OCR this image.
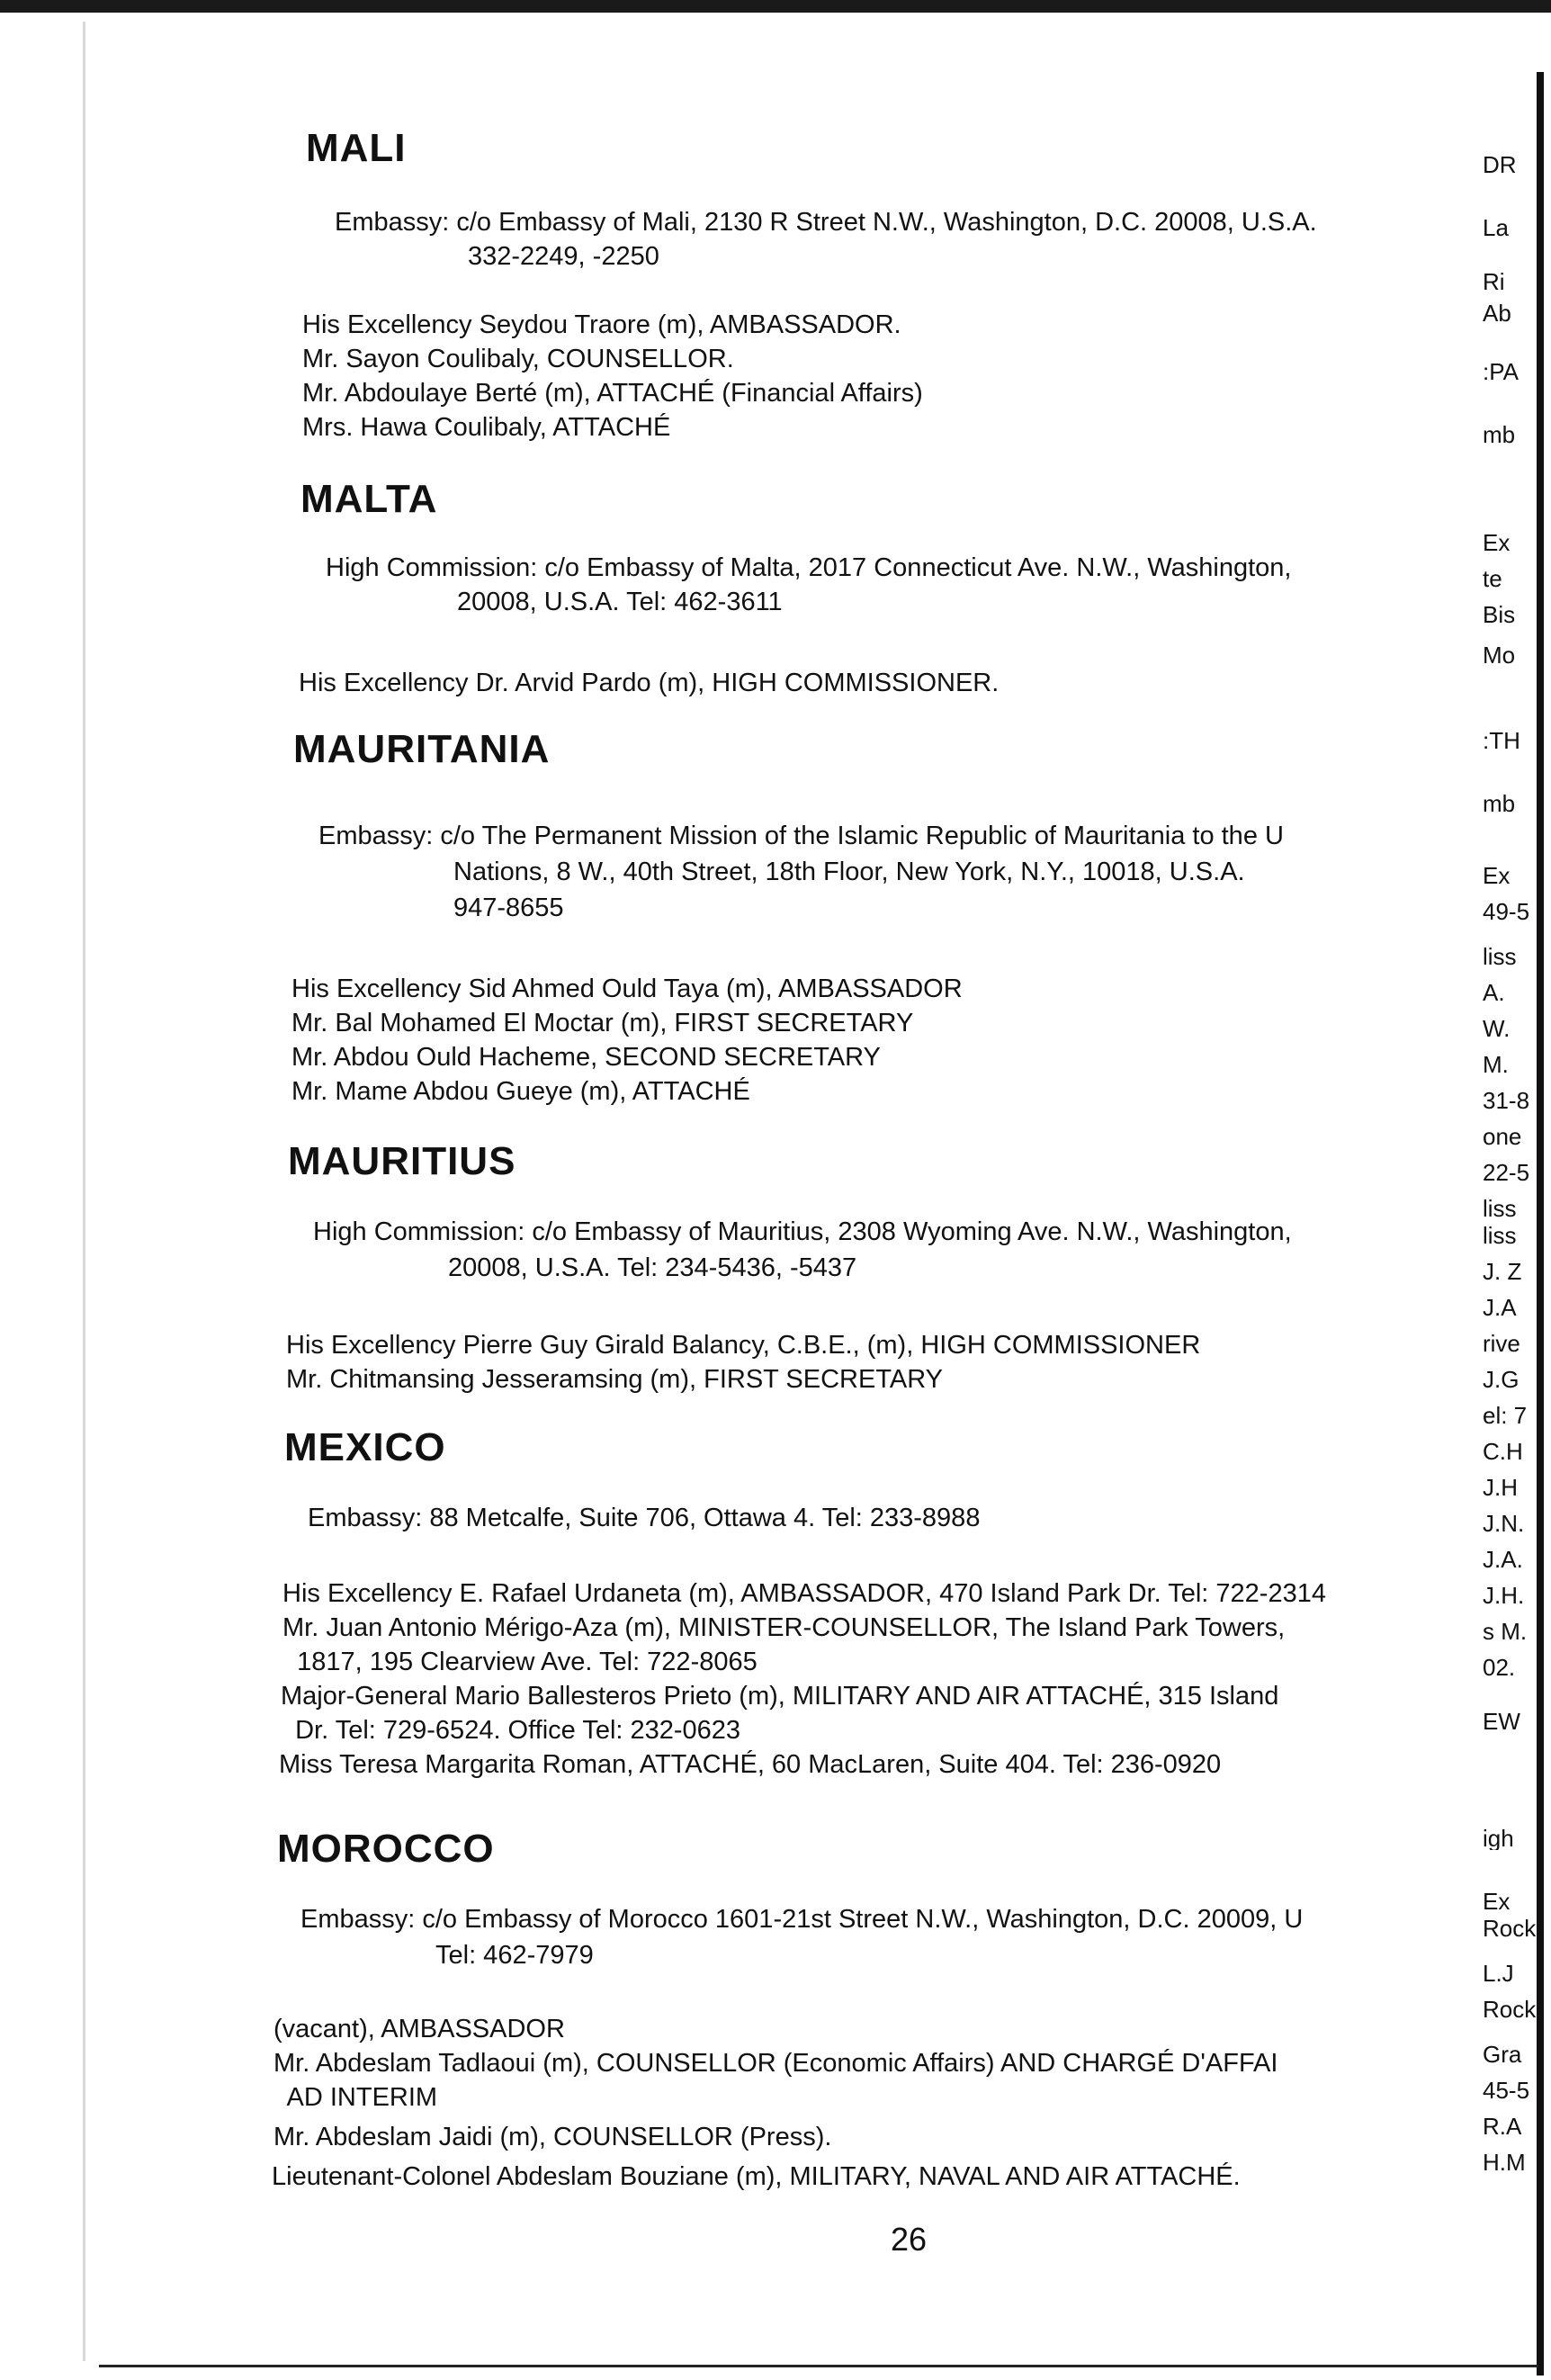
MALI
Embassy: c/o Embassy of Mali, 2130 R Street N.W., Washington, D.C. 20008, U.S.A.
332-2249, -2250
His Excellency Seydou Traore (m), AMBASSADOR.
Mr. Sayon Coulibaly, COUNSELLOR.
Mr. Abdoulaye Berté (m), ATTACHÉ (Financial Affairs)
Mrs. Hawa Coulibaly, ATTACHÉ
MALTA
High Commission: c/o Embassy of Malta, 2017 Connecticut Ave. N.W., Washington,
20008, U.S.A. Tel: 462-3611
His Excellency Dr. Arvid Pardo (m), HIGH COMMISSIONER.
MAURITANIA
Embassy: c/o The Permanent Mission of the Islamic Republic of Mauritania to the U
Nations, 8 W., 40th Street, 18th Floor, New York, N.Y., 10018, U.S.A.
947-8655
His Excellency Sid Ahmed Ould Taya (m), AMBASSADOR
Mr. Bal Mohamed El Moctar (m), FIRST SECRETARY
Mr. Abdou Ould Hacheme, SECOND SECRETARY
Mr. Mame Abdou Gueye (m), ATTACHÉ
MAURITIUS
High Commission: c/o Embassy of Mauritius, 2308 Wyoming Ave. N.W., Washington,
20008, U.S.A. Tel: 234-5436, -5437
His Excellency Pierre Guy Girald Balancy, C.B.E., (m), HIGH COMMISSIONER
Mr. Chitmansing Jesseramsing (m), FIRST SECRETARY
MEXICO
Embassy: 88 Metcalfe, Suite 706, Ottawa 4. Tel: 233-8988
His Excellency E. Rafael Urdaneta (m), AMBASSADOR, 470 Island Park Dr. Tel: 722-2314
Mr. Juan Antonio Mérigo-Aza (m), MINISTER-COUNSELLOR, The Island Park Towers,
1817, 195 Clearview Ave. Tel: 722-8065
Major-General Mario Ballesteros Prieto (m), MILITARY AND AIR ATTACHÉ, 315 Island
Dr. Tel: 729-6524. Office Tel: 232-0623
Miss Teresa Margarita Roman, ATTACHÉ, 60 MacLaren, Suite 404. Tel: 236-0920
MOROCCO
Embassy: c/o Embassy of Morocco 1601-21st Street N.W., Washington, D.C. 20009, U
Tel: 462-7979
(vacant), AMBASSADOR
Mr. Abdeslam Tadlaoui (m), COUNSELLOR (Economic Affairs) AND CHARGÉ D'AFFAI
AD INTERIM
Mr. Abdeslam Jaidi (m), COUNSELLOR (Press).
Lieutenant-Colonel Abdeslam Bouziane (m), MILITARY, NAVAL AND AIR ATTACHÉ.
26
DR
La
Ri
Ab
:PA
mb
Ex
te
Bis
Mo
:TH
mb
Ex
49-5
liss
A.
W.
M.
31-8
one
22-5
liss
liss
J. Z
J.A
rive
J.G
el: 7
C.H
J.H
J.N.
J.A.
J.H.
s M.
02.
EW
igh
Ex
Rock
L.J
Rock
Gra
45-5
R.A
H.M
